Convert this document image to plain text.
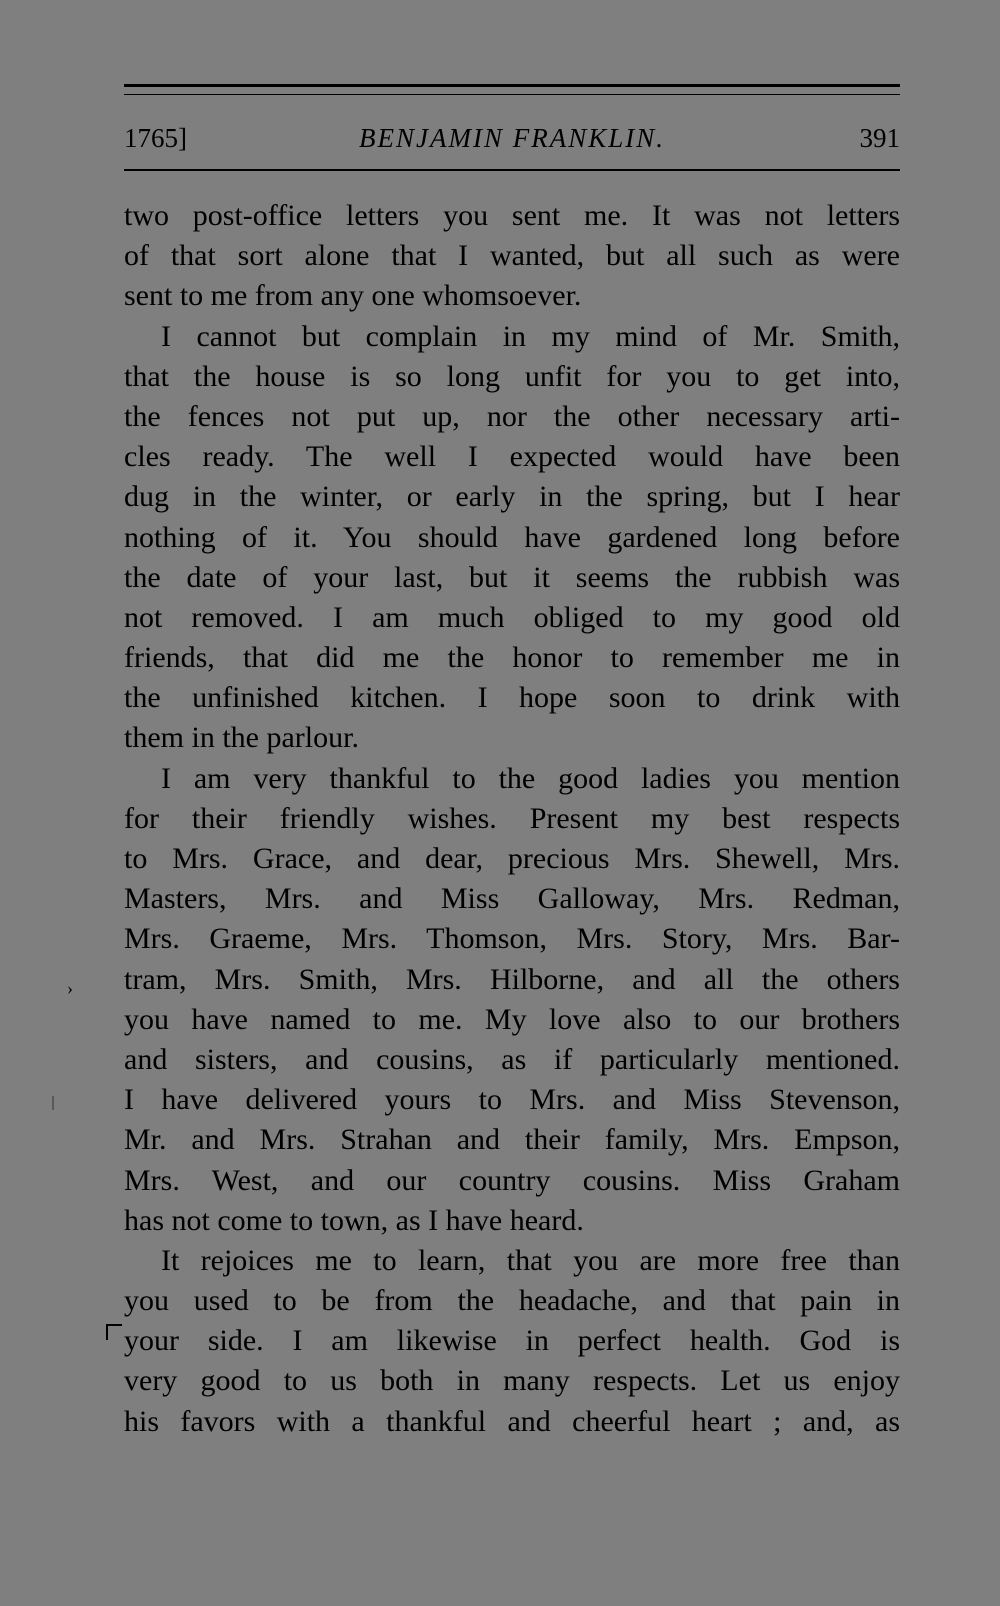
1765]	BENJAMIN FRANKLIN.	391
two post-office letters you sent me. It was not letters
of that sort alone that I wanted, but all such as were
sent to me from any one whomsoever.
I cannot but complain in my mind of Mr. Smith,
that the house is so long unfit for you to get into,
the fences not put up, nor the other necessary arti-
cles ready. The well I expected would have been
dug in the winter, or early in the spring, but I hear
nothing of it. You should have gardened long before
the date of your last, but it seems the rubbish was
not removed. I am much obliged to my good old
friends, that did me the honor to remember me in
the unfinished kitchen. I hope soon to drink with
them in the parlour.
I am very thankful to the good ladies you mention
for their friendly wishes. Present my best respects
to Mrs. Grace, and dear, precious Mrs. Shewell, Mrs.
Masters, Mrs. and Miss Galloway, Mrs. Redman,
Mrs. Graeme, Mrs. Thomson, Mrs. Story, Mrs. Bar-
tram, Mrs. Smith, Mrs. Hilborne, and all the others
you have named to me. My love also to our brothers
and sisters, and cousins, as if particularly mentioned.
I have delivered yours to Mrs. and Miss Stevenson,
Mr. and Mrs. Strahan and their family, Mrs. Empson,
Mrs. West, and our country cousins. Miss Graham
has not come to town, as I have heard.
It rejoices me to learn, that you are more free than
you used to be from the headache, and that pain in
your side. I am likewise in perfect health. God is
very good to us both in many respects. Let us enjoy
his favors with a thankful and cheerful heart ; and, as
›
